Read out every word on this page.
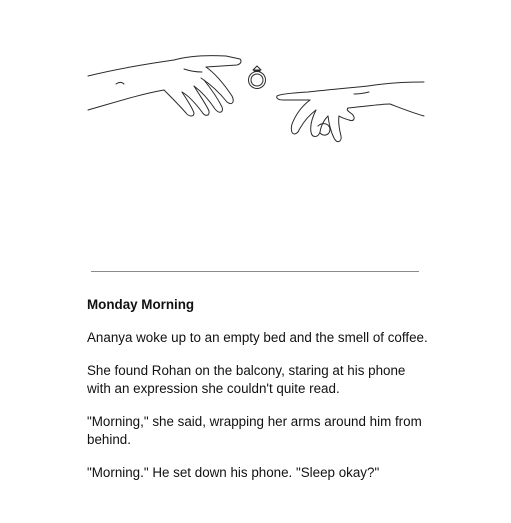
Monday Morning

Ananya woke up to an empty bed and the smell of coffee.

She found Rohan on the balcony, staring at his phone with an expression she couldn't quite read.

"Morning," she said, wrapping her arms around him from behind.

"Morning." He set down his phone. "Sleep okay?"
